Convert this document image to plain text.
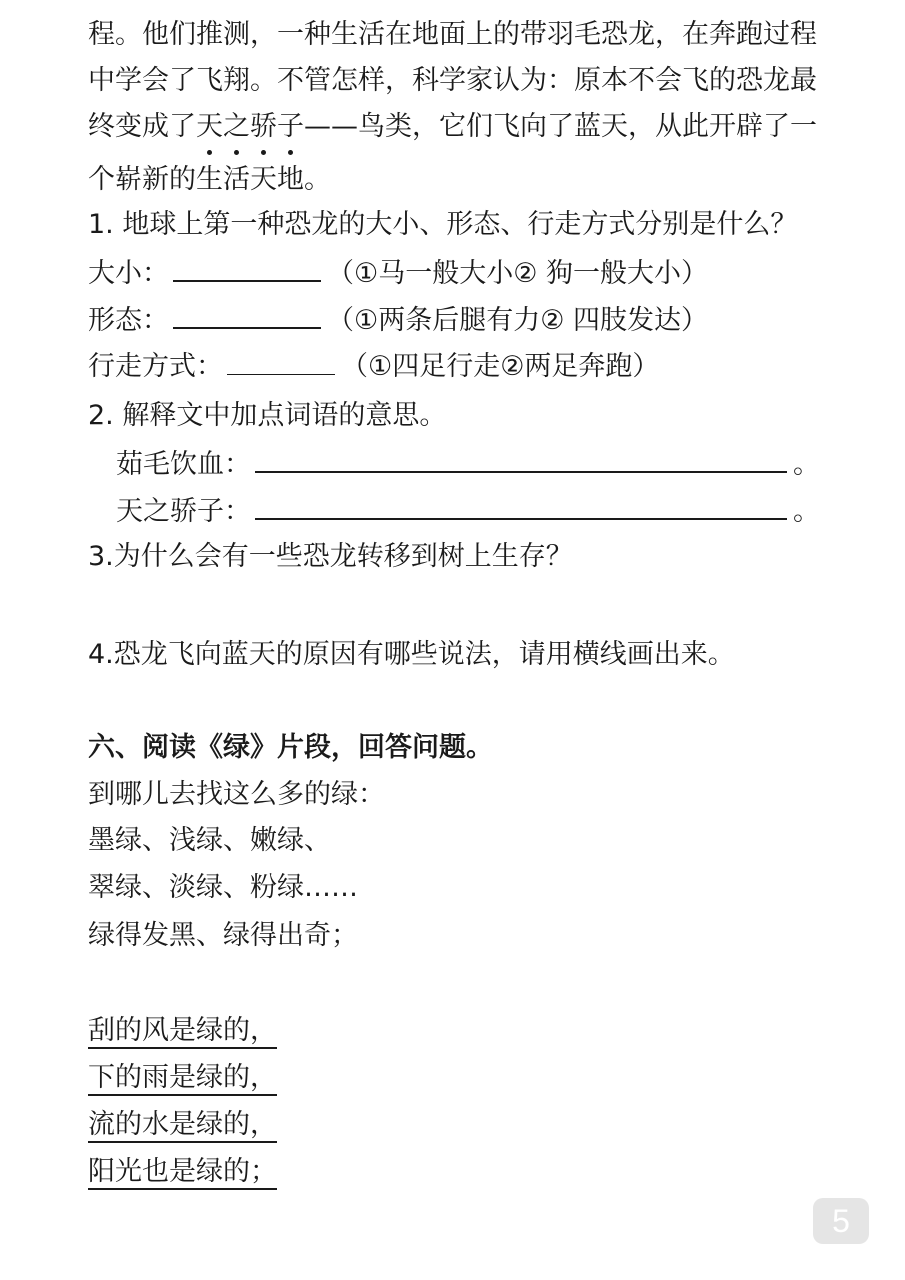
程。他们推测，一种生活在地面上的带羽毛恐龙，在奔跑过程
中学会了飞翔。不管怎样，科学家认为：原本不会飞的恐龙最
终变成了天之骄子——鸟类，它们飞向了蓝天，从此开辟了一
个崭新的生活天地。
1. 地球上第一种恐龙的大小、形态、行走方式分别是什么？
大小：	（①马一般大小② 狗一般大小）
形态：	（①两条后腿有力② 四肢发达）
行走方式：	（①四足行走②两足奔跑）
2. 解释文中加点词语的意思。
茹毛饮血：	。
天之骄子：	。
3.为什么会有一些恐龙转移到树上生存？
4.恐龙飞向蓝天的原因有哪些说法，请用横线画出来。
六、阅读《绿》片段，回答问题。
到哪儿去找这么多的绿：
墨绿、浅绿、嫩绿、
翠绿、淡绿、粉绿……
绿得发黑、绿得出奇；
刮的风是绿的，
下的雨是绿的，
流的水是绿的，
阳光也是绿的；
5
